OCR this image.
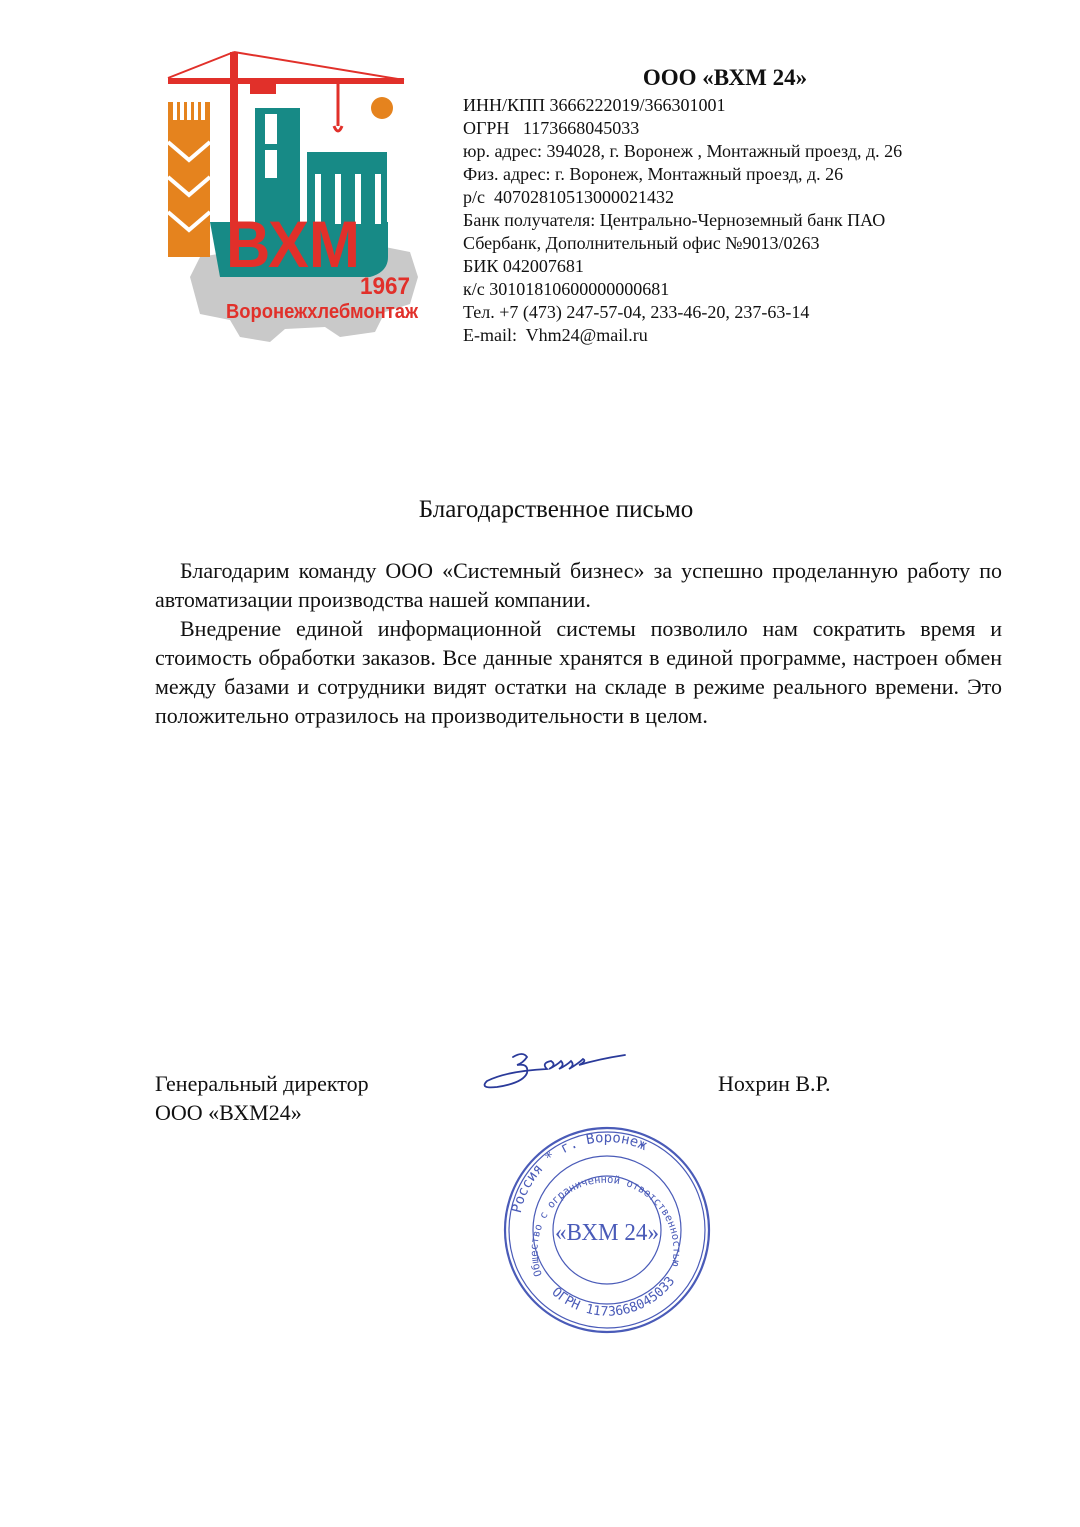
ВХМ
1967
Воронежхлебмонтаж
ООО «ВХМ 24»
ИНН/КПП 3666222019/366301001
ОГРН   1173668045033
юр. адрес: 394028, г. Воронеж , Монтажный проезд, д. 26
Физ. адрес: г. Воронеж, Монтажный проезд, д. 26
р/с  40702810513000021432
Банк получателя: Центрально-Черноземный банк ПАО
Сбербанк, Дополнительный офис №9013/0263
БИК 042007681
к/с 30101810600000000681
Тел. +7 (473) 247-57-04, 233-46-20, 237-63-14
E-mail:  Vhm24@mail.ru
Благодарственное письмо

Благодарим команду ООО «Системный бизнес» за успешно проделанную работу по автоматизации производства нашей компании.

Внедрение единой информационной системы позволило нам сократить время и стоимость обработки заказов. Все данные хранятся в единой программе, настроен обмен между базами и сотрудники видят остатки на складе в режиме реального времени. Это положительно отразилось на производительности в целом.

Генеральный директор
ООО «ВХМ24»
Нохрин В.Р.
Россия * г. Воронеж
Общество с ограниченной ответственностью
ОГРН 1173668045033
«ВХМ 24»
